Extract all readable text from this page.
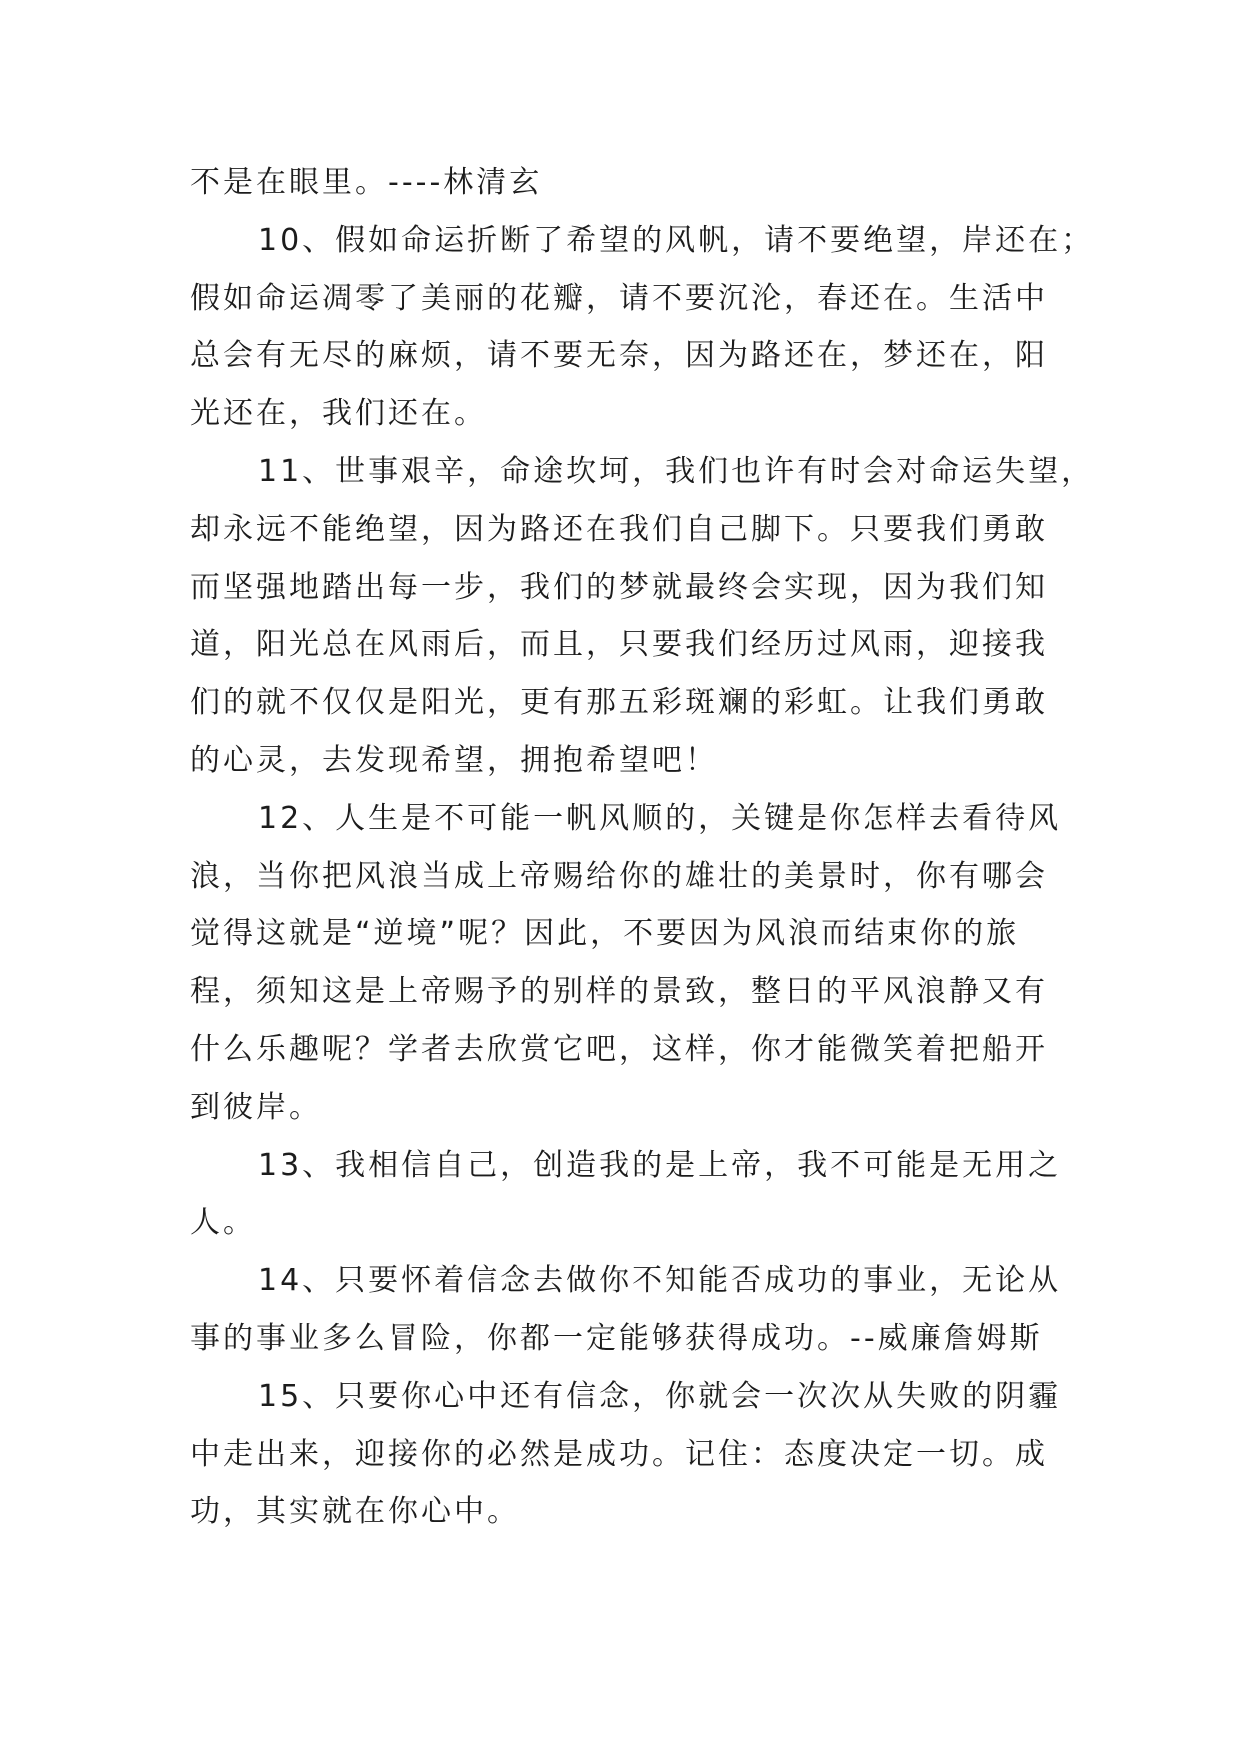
不是在眼里。----林清玄
10、假如命运折断了希望的风帆，请不要绝望，岸还在；
假如命运凋零了美丽的花瓣，请不要沉沦，春还在。生活中
总会有无尽的麻烦，请不要无奈，因为路还在，梦还在，阳
光还在，我们还在。
11、世事艰辛，命途坎坷，我们也许有时会对命运失望，
却永远不能绝望，因为路还在我们自己脚下。只要我们勇敢
而坚强地踏出每一步，我们的梦就最终会实现，因为我们知
道，阳光总在风雨后，而且，只要我们经历过风雨，迎接我
们的就不仅仅是阳光，更有那五彩斑斓的彩虹。让我们勇敢
的心灵，去发现希望，拥抱希望吧！
12、人生是不可能一帆风顺的，关键是你怎样去看待风
浪，当你把风浪当成上帝赐给你的雄壮的美景时，你有哪会
觉得这就是“逆境”呢？因此，不要因为风浪而结束你的旅
程，须知这是上帝赐予的别样的景致，整日的平风浪静又有
什么乐趣呢？学者去欣赏它吧，这样，你才能微笑着把船开
到彼岸。
13、我相信自己，创造我的是上帝，我不可能是无用之
人。
14、只要怀着信念去做你不知能否成功的事业，无论从
事的事业多么冒险，你都一定能够获得成功。--威廉詹姆斯
15、只要你心中还有信念，你就会一次次从失败的阴霾
中走出来，迎接你的必然是成功。记住：态度决定一切。成
功，其实就在你心中。
